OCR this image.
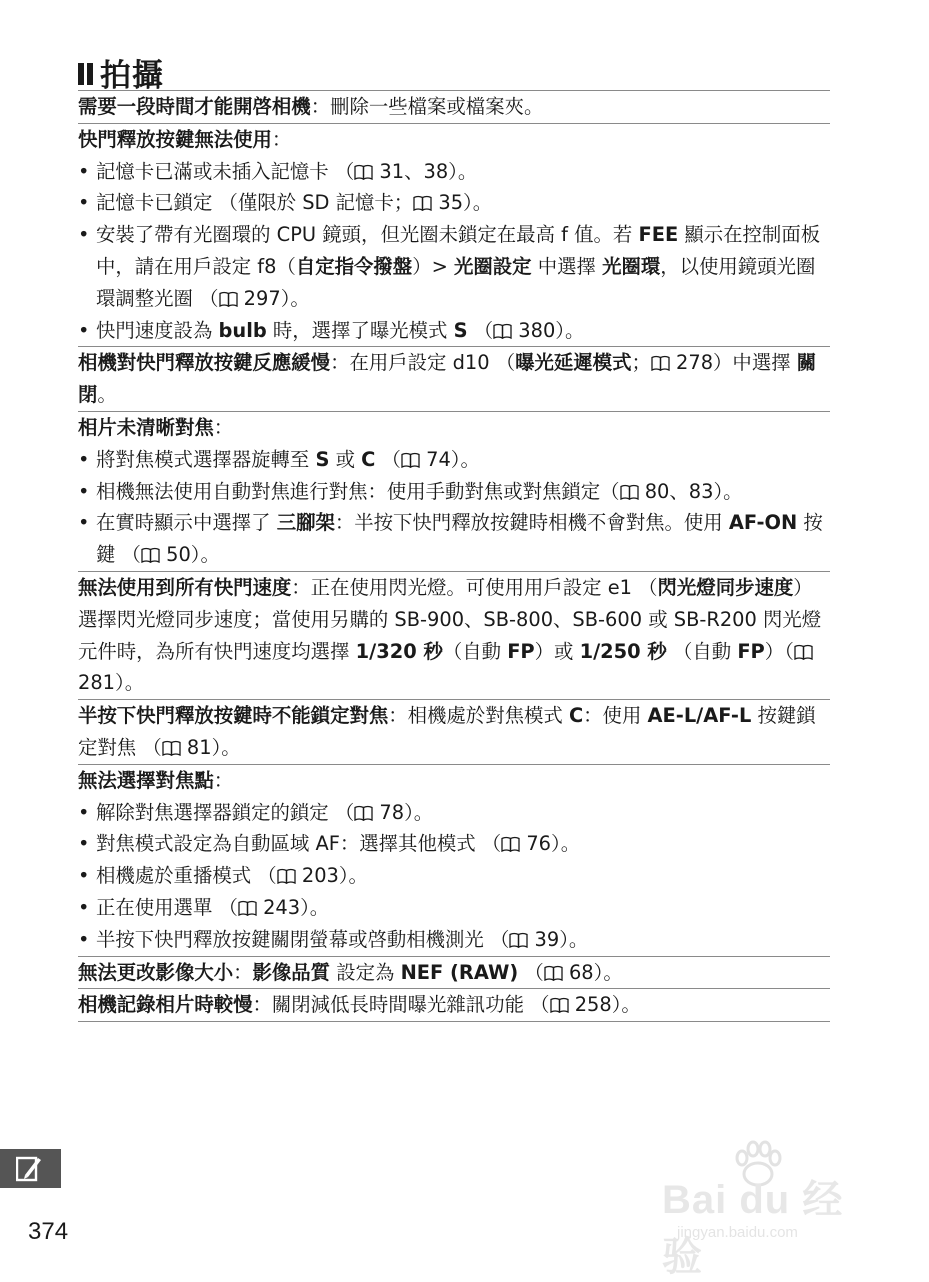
拍攝

需要一段時間才能開啓相機：刪除一些檔案或檔案夾。

快門釋放按鍵無法使用：

• 記憶卡已滿或未插入記憶卡 （ 31、38）。

• 記憶卡已鎖定 （僅限於 SD 記憶卡； 35）。

• 安裝了帶有光圈環的 CPU 鏡頭，但光圈未鎖定在最高 f 值。若 FEE 顯示在控制面板中，請在用戶設定 f8（自定指令撥盤）> 光圈設定 中選擇 光圈環，以使用鏡頭光圈環調整光圈 （ 297）。

• 快門速度設為 bulb 時，選擇了曝光模式 S （ 380）。

相機對快門釋放按鍵反應緩慢：在用戶設定 d10 （曝光延遲模式； 278）中選擇 關閉。

相片未清晰對焦：

• 將對焦模式選擇器旋轉至 S 或 C （ 74）。

• 相機無法使用自動對焦進行對焦：使用手動對焦或對焦鎖定（ 80、83）。

• 在實時顯示中選擇了 三腳架：半按下快門釋放按鍵時相機不會對焦。使用 AF-ON 按鍵 （ 50）。

無法使用到所有快門速度：正在使用閃光燈。可使用用戶設定 e1 （閃光燈同步速度）選擇閃光燈同步速度；當使用另購的 SB-900、SB-800、SB-600 或 SB-R200 閃光燈元件時，為所有快門速度均選擇 1/320 秒（自動 FP）或 1/250 秒 （自動 FP）（ 281）。

半按下快門釋放按鍵時不能鎖定對焦：相機處於對焦模式 C：使用 AE-L/AF-L 按鍵鎖定對焦 （ 81）。

無法選擇對焦點：

• 解除對焦選擇器鎖定的鎖定 （ 78）。

• 對焦模式設定為自動區域 AF：選擇其他模式 （ 76）。

• 相機處於重播模式 （ 203）。

• 正在使用選單 （ 243）。

• 半按下快門釋放按鍵關閉螢幕或啓動相機測光 （ 39）。

無法更改影像大小：影像品質 設定為 NEF (RAW) （ 68）。

相機記錄相片時較慢：關閉減低長時間曝光雜訊功能 （ 258）。

374
Bai du 经验
jingyan.baidu.com
